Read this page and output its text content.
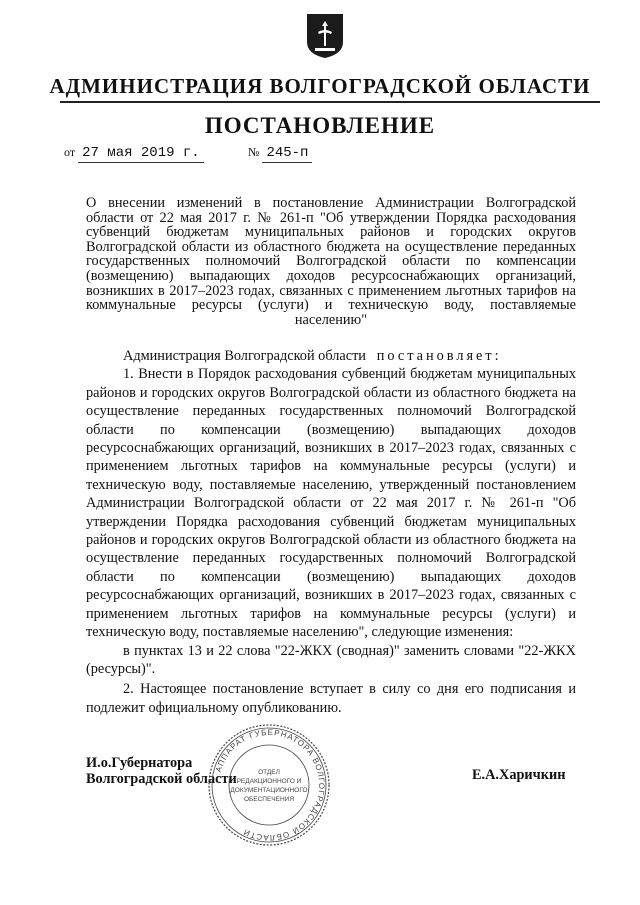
АДМИНИСТРАЦИЯ ВОЛГОГРАДСКОЙ ОБЛАСТИ
ПОСТАНОВЛЕНИЕ
от 27 мая 2019 г.	№ 245-п
О внесении изменений в постановление Администрации Волгоградской области от 22 мая 2017 г. № 261-п "Об утверждении Порядка расходования субвенций бюджетам муниципальных районов и городских округов Волгоградской области из областного бюджета на осуществление переданных государственных полномочий Волгоградской области по компенсации (возмещению) выпадающих доходов ресурсоснабжающих организаций, возникших в 2017–2023 годах, связанных с применением льготных тарифов на коммунальные ресурсы (услуги) и техническую воду, поставляемые населению"

Администрация Волгоградской области постановляет:

1. Внести в Порядок расходования субвенций бюджетам муниципальных районов и городских округов Волгоградской области из областного бюджета на осуществление переданных государственных полномочий Волгоградской области по компенсации (возмещению) выпадающих доходов ресурсоснабжающих организаций, возникших в 2017–2023 годах, связанных с применением льготных тарифов на коммунальные ресурсы (услуги) и техническую воду, поставляемые населению, утвержденный постановлением Администрации Волгоградской области от 22 мая 2017 г. № 261-п "Об утверждении Порядка расходования субвенций бюджетам муниципальных районов и городских округов Волгоградской области из областного бюджета на осуществление переданных государственных полномочий Волгоградской области по компенсации (возмещению) выпадающих доходов ресурсоснабжающих организаций, возникших в 2017–2023 годах, связанных с применением льготных тарифов на коммунальные ресурсы (услуги) и техническую воду, поставляемые населению", следующие изменения:

в пунктах 13 и 22 слова "22-ЖКХ (сводная)" заменить словами "22-ЖКХ (ресурсы)".

2. Настоящее постановление вступает в силу со дня его подписания и подлежит официальному опубликованию.

И.о.Губернатора
Волгоградской области
АППАРАТ ГУБЕРНАТОРА ВОЛГОГРАДСКОЙ ОБЛАСТИ
ОТДЕЛ
РЕДАКЦИОННОГО И
ДОКУМЕНТАЦИОННОГО
ОБЕСПЕЧЕНИЯ
Е.А.Харичкин
